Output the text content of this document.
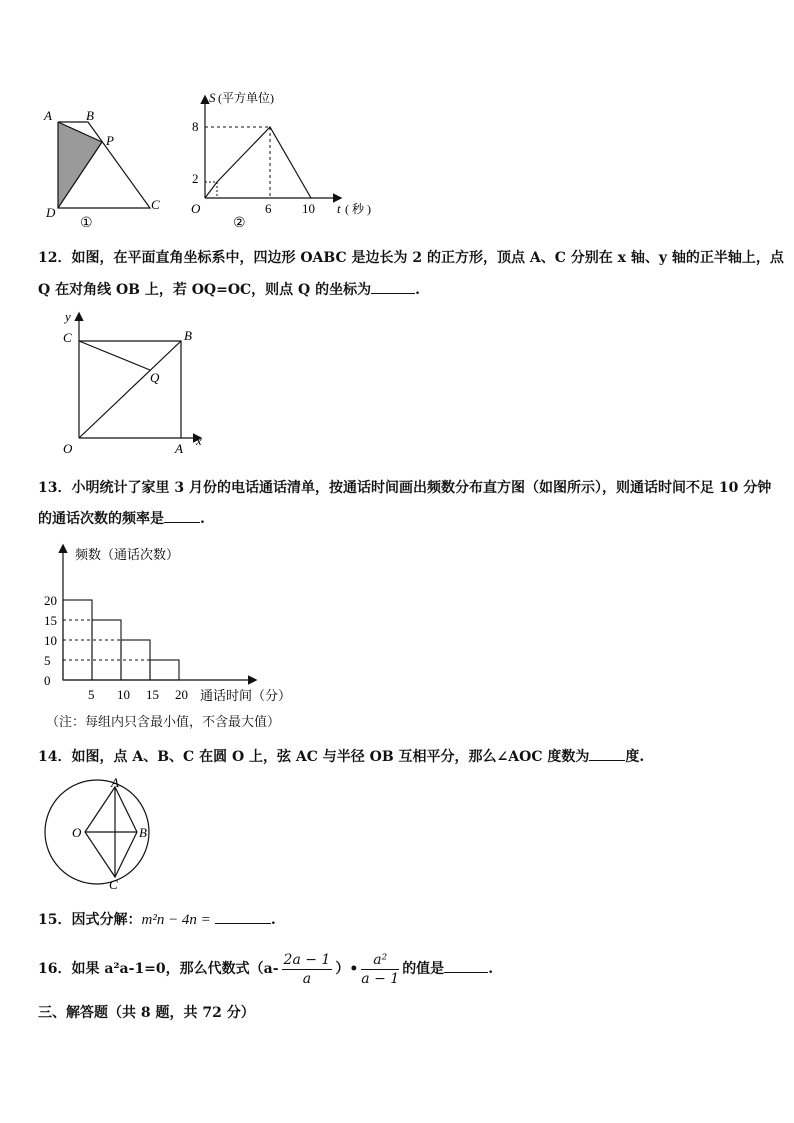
A	B
P
C
D
①
S (平方单位)
8
2
O	6 10 t ( 秒 )
②
12．如图，在平面直角坐标系中，四边形 OABC 是边长为 2 的正方形，顶点 A、C 分别在 x 轴、y 轴的正半轴上，点
Q 在对角线 OB 上，若 OQ=OC，则点 Q 的坐标为	.
y
C	B
Q
O	A
x
13．小明统计了家里 3 月份的电话通话清单，按通话时间画出频数分布直方图（如图所示），则通话时间不足 10 分钟
的通话次数的频率是	.
频数（通话次数）
通话时间（分）
0
5
10
15
20
5 10 15 20
（注：每组内只含最小值，不含最大值）
14．如图，点 A、B、C 在圆 O 上，弦 AC 与半径 OB 互相平分，那么∠AOC 度数为	度.
A
O	B
C
15．因式分解：m²n − 4n =	.
16．如果 a²a-1=0，那么代数式（$a- \frac{2a - 1}{a}$ ）• $\frac{\text{a²}}{a - 1}$ 的值是	.
三、解答题（共 8 题，共 72 分）
